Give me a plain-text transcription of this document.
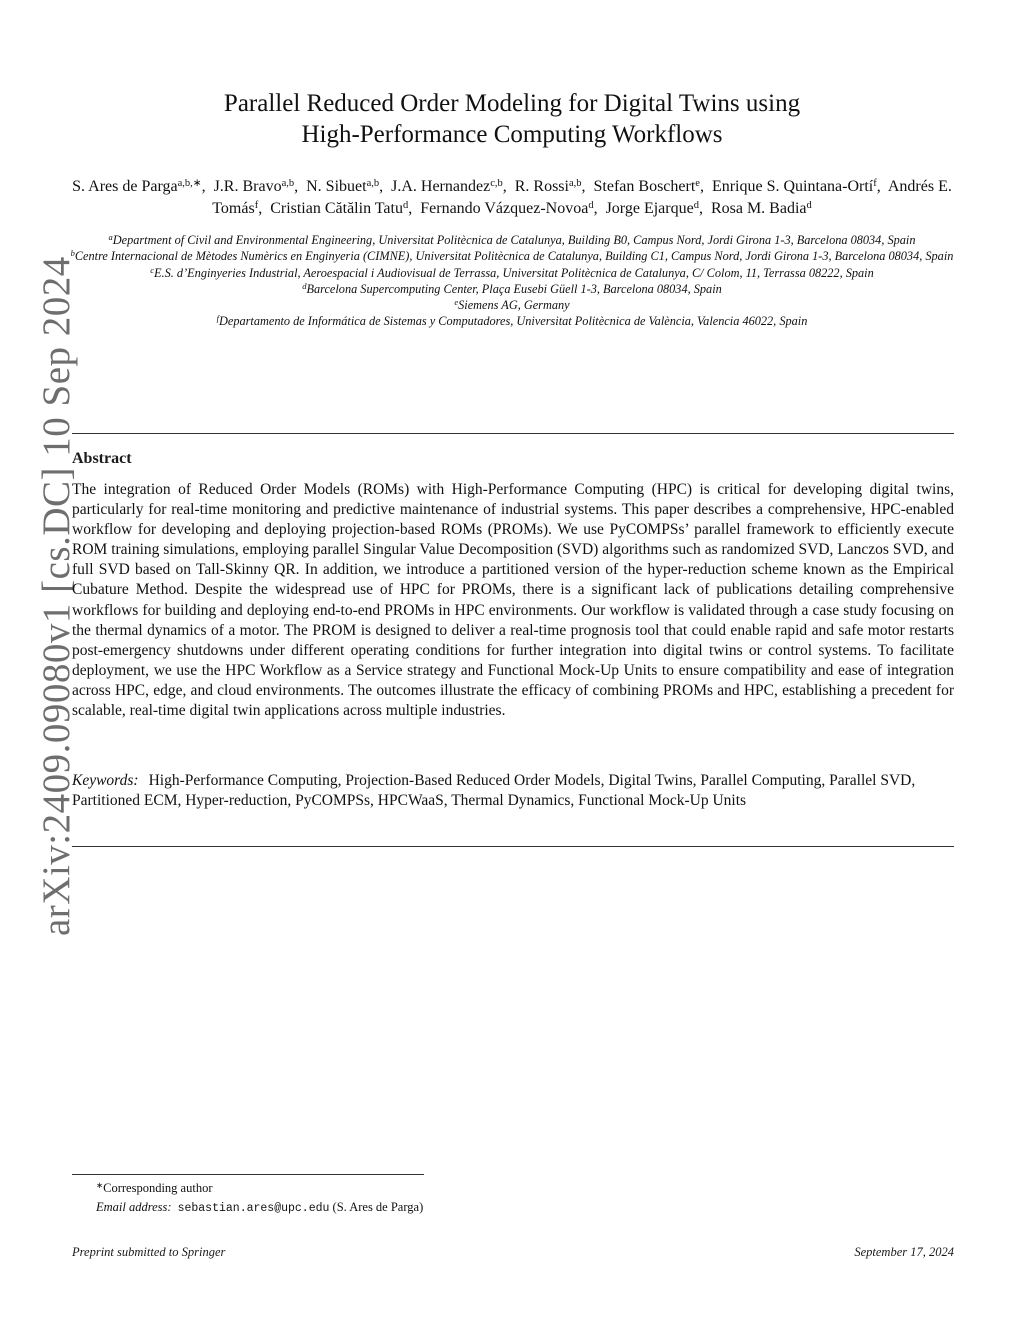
arXiv:2409.09080v1 [cs.DC] 10 Sep 2024
Parallel Reduced Order Modeling for Digital Twins using
High-Performance Computing Workflows
S. Ares de Parga$^{a,b,∗}$,  J.R. Bravo$^{a,b}$,  N. Sibuet$^{a,b}$,  J.A. Hernandez$^{c,b}$,  R. Rossi$^{a,b}$,  Stefan Boschert$^e$,  Enrique S. Quintana-Ortí$^f$,  Andrés E. Tomás$^f$,  Cristian Cătălin Tatu$^d$,  Fernando Vázquez-Novoa$^d$,  Jorge Ejarque$^d$,  Rosa M. Badia$^d$
$^a$Department of Civil and Environmental Engineering, Universitat Politècnica de Catalunya, Building B0, Campus Nord, Jordi Girona 1-3, Barcelona 08034, Spain
$^b$Centre Internacional de Mètodes Numèrics en Enginyeria (CIMNE), Universitat Politècnica de Catalunya, Building C1, Campus Nord, Jordi Girona 1-3, Barcelona 08034, Spain
$^c$E.S. d’Enginyeries Industrial, Aeroespacial i Audiovisual de Terrassa, Universitat Politècnica de Catalunya, C/ Colom, 11, Terrassa 08222, Spain
$^d$Barcelona Supercomputing Center, Plaça Eusebi Güell 1-3, Barcelona 08034, Spain
$^e$Siemens AG, Germany
$^f$Departamento de Informática de Sistemas y Computadores, Universitat Politècnica de València, Valencia 46022, Spain
Abstract
The integration of Reduced Order Models (ROMs) with High-Performance Computing (HPC) is critical for developing digital twins, particularly for real-time monitoring and predictive maintenance of industrial systems. This paper describes a comprehensive, HPC-enabled workflow for developing and deploying projection-based ROMs (PROMs). We use PyCOMPSs’ parallel framework to efficiently execute ROM training simulations, employing parallel Singular Value Decomposition (SVD) algorithms such as randomized SVD, Lanczos SVD, and full SVD based on Tall-Skinny QR. In addition, we introduce a partitioned version of the hyper-reduction scheme known as the Empirical Cubature Method. Despite the widespread use of HPC for PROMs, there is a significant lack of publications detailing comprehensive workflows for building and deploying end-to-end PROMs in HPC environments. Our workflow is validated through a case study focusing on the thermal dynamics of a motor. The PROM is designed to deliver a real-time prognosis tool that could enable rapid and safe motor restarts post-emergency shutdowns under different operating conditions for further integration into digital twins or control systems. To facilitate deployment, we use the HPC Workflow as a Service strategy and Functional Mock-Up Units to ensure compatibility and ease of integration across HPC, edge, and cloud environments. The outcomes illustrate the efficacy of combining PROMs and HPC, establishing a precedent for scalable, real-time digital twin applications across multiple industries.
Keywords: High-Performance Computing, Projection-Based Reduced Order Models, Digital Twins, Parallel Computing, Parallel SVD, Partitioned ECM, Hyper-reduction, PyCOMPSs, HPCWaaS, Thermal Dynamics, Functional Mock-Up Units
∗Corresponding author
Email address: sebastian.ares@upc.edu (S. Ares de Parga)
Preprint submitted to Springer	September 17, 2024
